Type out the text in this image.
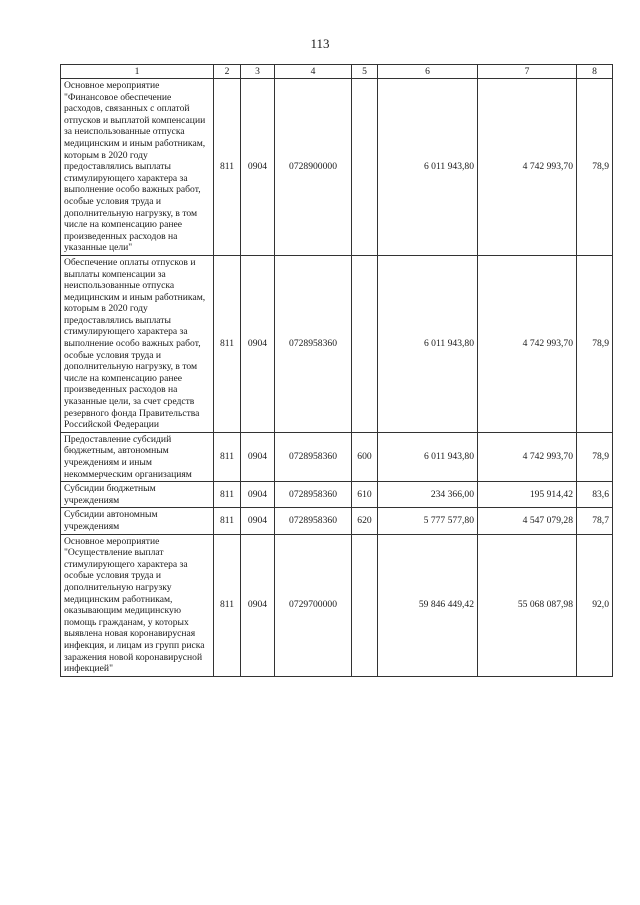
113
1	2	3	4	5	6	7	8
Основное мероприятие "Финансовое обеспечение расходов, связанных с оплатой отпусков и выплатой компенсации за неиспользованные отпуска медицинским и иным работникам, которым в 2020 году предоставлялись выплаты стимулирующего характера за выполнение особо важных работ, особые условия труда и дополнительную нагрузку, в том числе на компенсацию ранее произведенных расходов на указанные цели"	811	0904	0728900000		6 011 943,80	4 742 993,70	78,9
Обеспечение оплаты отпусков и выплаты компенсации за неиспользованные отпуска медицинским и иным работникам, которым в 2020 году предоставлялись выплаты стимулирующего характера за выполнение особо важных работ, особые условия труда и дополнительную нагрузку, в том числе на компенсацию ранее произведенных расходов на указанные цели, за счет средств резервного фонда Правительства Российской Федерации	811	0904	0728958360		6 011 943,80	4 742 993,70	78,9
Предоставление субсидий бюджетным, автономным учреждениям и иным некоммерческим организациям	811	0904	0728958360	600	6 011 943,80	4 742 993,70	78,9
Субсидии бюджетным учреждениям	811	0904	0728958360	610	234 366,00	195 914,42	83,6
Субсидии автономным учреждениям	811	0904	0728958360	620	5 777 577,80	4 547 079,28	78,7
Основное мероприятие "Осуществление выплат стимулирующего характера за особые условия труда и дополнительную нагрузку медицинским работникам, оказывающим медицинскую помощь гражданам, у которых выявлена новая коронавирусная инфекция, и лицам из групп риска заражения новой коронавирусной инфекцией"	811	0904	0729700000		59 846 449,42	55 068 087,98	92,0
